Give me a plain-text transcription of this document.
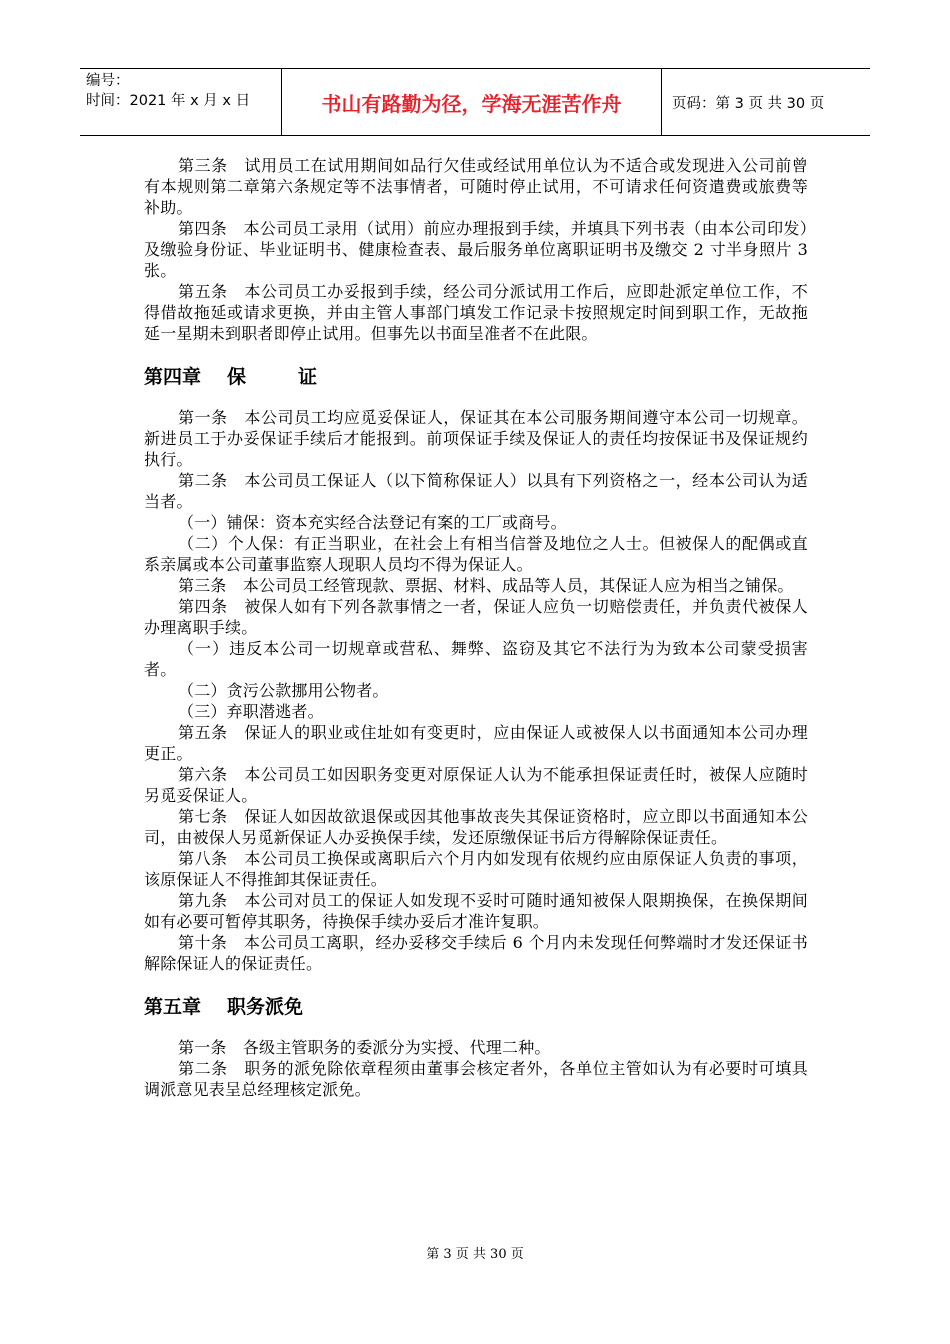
编号：
时间：2021 年 x 月 x 日	书山有路勤为径，学海无涯苦作舟	页码：第 3 页 共 30 页

第三条　试用员工在试用期间如品行欠佳或经试用单位认为不适合或发现进入公司前曾有本规则第二章第六条规定等不法事情者，可随时停止试用，不可请求任何资遣费或旅费等补助。

第四条　本公司员工录用（试用）前应办理报到手续，并填具下列书表（由本公司印发）及缴验身份证、毕业证明书、健康检查表、最后服务单位离职证明书及缴交 2 寸半身照片 3 张。

第五条　本公司员工办妥报到手续，经公司分派试用工作后，应即赴派定单位工作，不得借故拖延或请求更换，并由主管人事部门填发工作记录卡按照规定时间到职工作，无故拖延一星期未到职者即停止试用。但事先以书面呈准者不在此限。

第四章 保	证

第一条　本公司员工均应觅妥保证人，保证其在本公司服务期间遵守本公司一切规章。新进员工于办妥保证手续后才能报到。前项保证手续及保证人的责任均按保证书及保证规约执行。

第二条　本公司员工保证人（以下简称保证人）以具有下列资格之一，经本公司认为适当者。

（一）铺保：资本充实经合法登记有案的工厂或商号。

（二）个人保：有正当职业，在社会上有相当信誉及地位之人士。但被保人的配偶或直系亲属或本公司董事监察人现职人员均不得为保证人。

第三条　本公司员工经管现款、票据、材料、成品等人员，其保证人应为相当之铺保。

第四条　被保人如有下列各款事情之一者，保证人应负一切赔偿责任，并负责代被保人办理离职手续。

（一）违反本公司一切规章或营私、舞弊、盗窃及其它不法行为为致本公司蒙受损害者。

（二）贪污公款挪用公物者。

（三）弃职潜逃者。

第五条　保证人的职业或住址如有变更时，应由保证人或被保人以书面通知本公司办理更正。

第六条　本公司员工如因职务变更对原保证人认为不能承担保证责任时，被保人应随时另觅妥保证人。

第七条　保证人如因故欲退保或因其他事故丧失其保证资格时，应立即以书面通知本公司，由被保人另觅新保证人办妥换保手续，发还原缴保证书后方得解除保证责任。

第八条　本公司员工换保或离职后六个月内如发现有依规约应由原保证人负责的事项，该原保证人不得推卸其保证责任。

第九条　本公司对员工的保证人如发现不妥时可随时通知被保人限期换保，在换保期间如有必要可暂停其职务，待换保手续办妥后才准许复职。

第十条　本公司员工离职，经办妥移交手续后 6 个月内未发现任何弊端时才发还保证书解除保证人的保证责任。

第五章 职务派免

第一条　各级主管职务的委派分为实授、代理二种。

第二条　职务的派免除依章程须由董事会核定者外，各单位主管如认为有必要时可填具调派意见表呈总经理核定派免。

第 3 页 共 30 页
